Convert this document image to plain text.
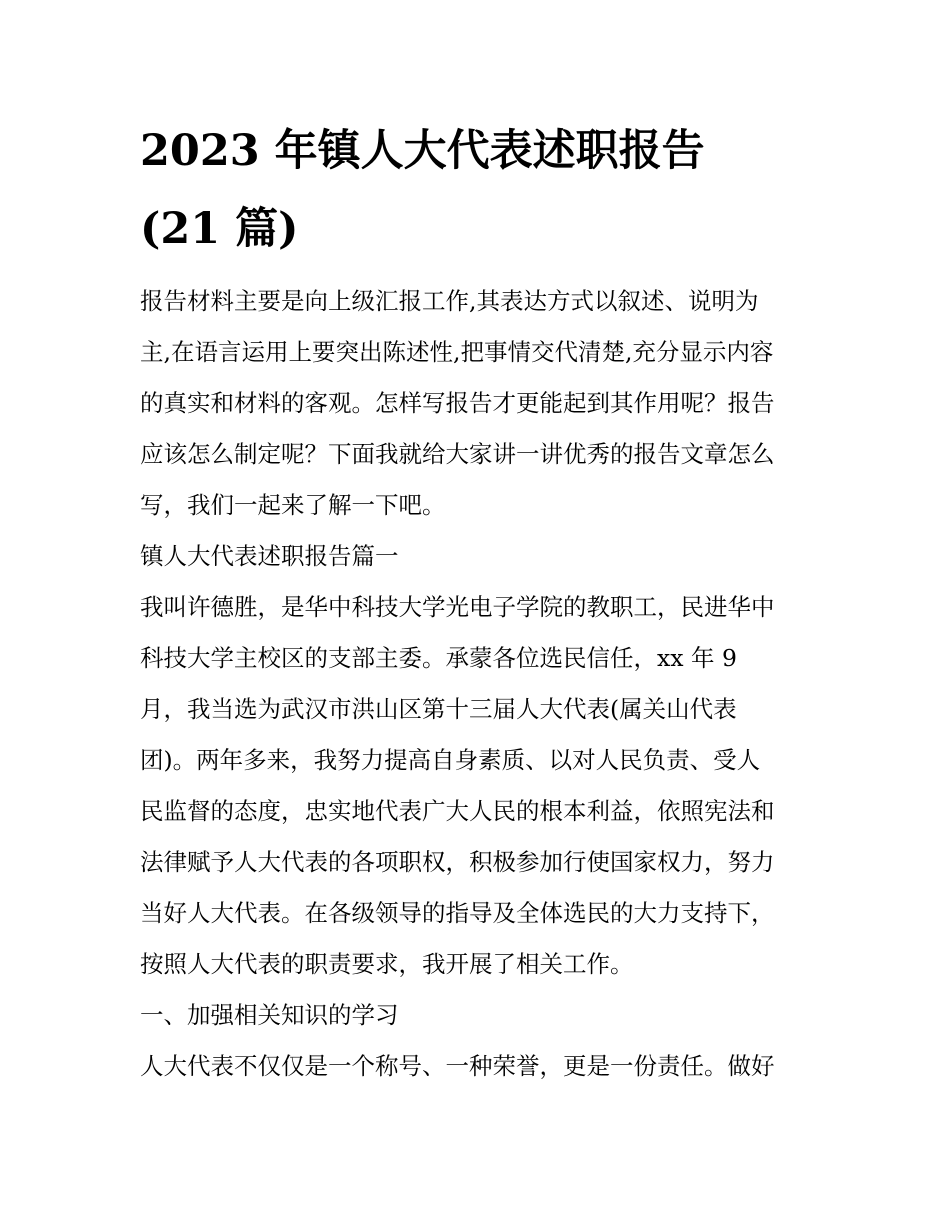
2023 年镇人大代表述职报告
(21 篇)
报告材料主要是向上级汇报工作,其表达方式以叙述、说明为
主,在语言运用上要突出陈述性,把事情交代清楚,充分显示内容
的真实和材料的客观。怎样写报告才更能起到其作用呢？报告
应该怎么制定呢？下面我就给大家讲一讲优秀的报告文章怎么
写，我们一起来了解一下吧。
镇人大代表述职报告篇一
我叫许德胜，是华中科技大学光电子学院的教职工，民进华中
科技大学主校区的支部主委。承蒙各位选民信任，xx 年 9
月，我当选为武汉市洪山区第十三届人大代表(属关山代表
团)。两年多来，我努力提高自身素质、以对人民负责、受人
民监督的态度，忠实地代表广大人民的根本利益，依照宪法和
法律赋予人大代表的各项职权，积极参加行使国家权力，努力
当好人大代表。在各级领导的指导及全体选民的大力支持下，
按照人大代表的职责要求，我开展了相关工作。
一、加强相关知识的学习
人大代表不仅仅是一个称号、一种荣誉，更是一份责任。做好
